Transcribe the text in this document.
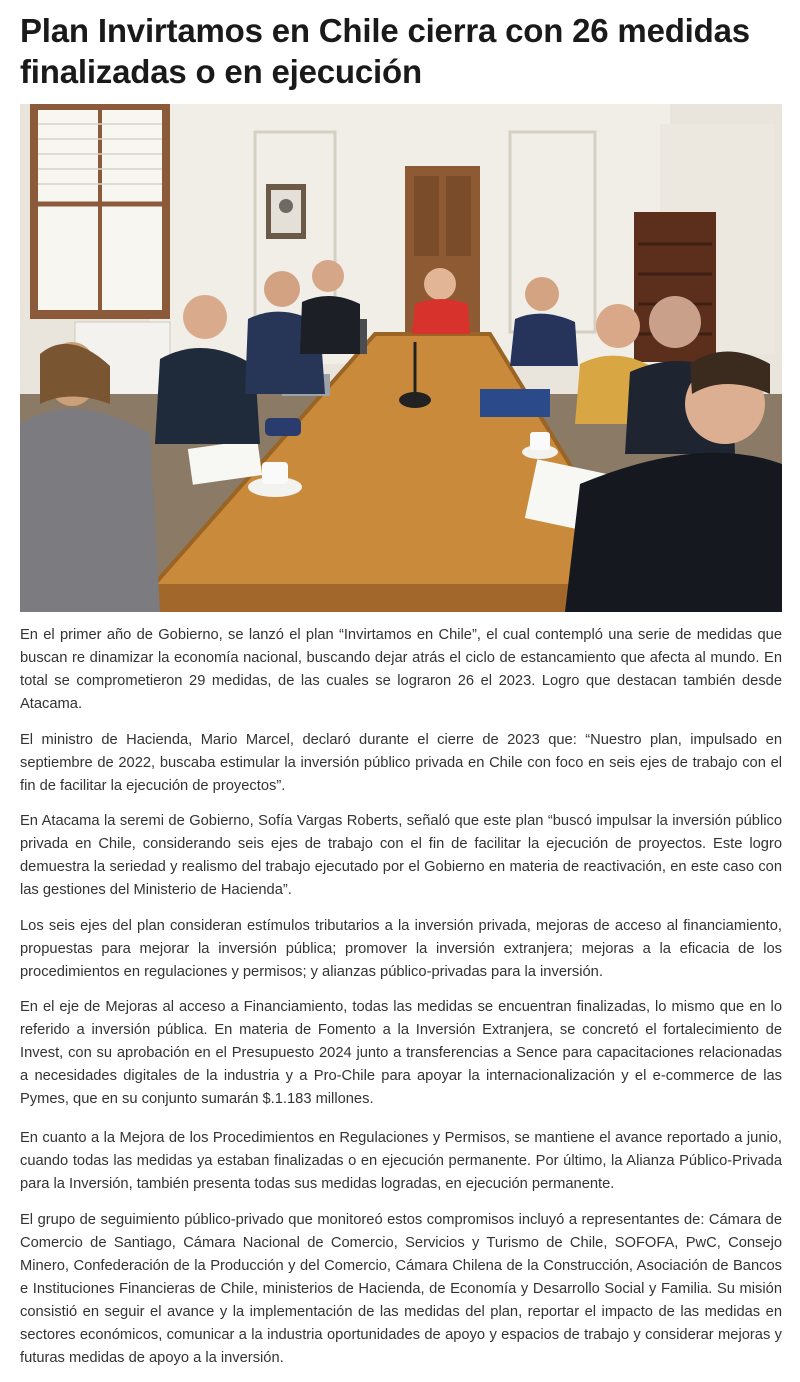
Plan Invirtamos en Chile cierra con 26 medidas finalizadas o en ejecución

En el primer año de Gobierno, se lanzó el plan “Invirtamos en Chile”, el cual contempló una serie de medidas que buscan re dinamizar la economía nacional, buscando dejar atrás el ciclo de estancamiento que afecta al mundo. En total se comprometieron 29 medidas, de las cuales se lograron 26 el 2023. Logro que destacan también desde Atacama.

El ministro de Hacienda, Mario Marcel, declaró durante el cierre de 2023 que: “Nuestro plan, impulsado en septiembre de 2022, buscaba estimular la inversión público privada en Chile con foco en seis ejes de trabajo con el fin de facilitar la ejecución de proyectos”.

En Atacama la seremi de Gobierno, Sofía Vargas Roberts, señaló que este plan “buscó impulsar la inversión público privada en Chile, considerando seis ejes de trabajo con el fin de facilitar la ejecución de proyectos. Este logro demuestra la seriedad y realismo del trabajo ejecutado por el Gobierno en materia de reactivación, en este caso con las gestiones del Ministerio de Hacienda”.

Los seis ejes del plan consideran estímulos tributarios a la inversión privada, mejoras de acceso al financiamiento, propuestas para mejorar la inversión pública; promover la inversión extranjera; mejoras a la eficacia de los procedimientos en regulaciones y permisos; y alianzas público-privadas para la inversión.

En el eje de Mejoras al acceso a Financiamiento, todas las medidas se encuentran finalizadas, lo mismo que en lo referido a inversión pública. En materia de Fomento a la Inversión Extranjera, se concretó el fortalecimiento de Invest, con su aprobación en el Presupuesto 2024 junto a transferencias a Sence para capacitaciones relacionadas a necesidades digitales de la industria y a Pro-Chile para apoyar la internacionalización y el e-commerce de las Pymes, que en su conjunto sumarán $.1.183 millones.

En cuanto a la Mejora de los Procedimientos en Regulaciones y Permisos, se mantiene el avance reportado a junio, cuando todas las medidas ya estaban finalizadas o en ejecución permanente. Por último, la Alianza Público-Privada para la Inversión, también presenta todas sus medidas logradas, en ejecución permanente.

El grupo de seguimiento público-privado que monitoreó estos compromisos incluyó a representantes de: Cámara de Comercio de Santiago, Cámara Nacional de Comercio, Servicios y Turismo de Chile, SOFOFA, PwC, Consejo Minero, Confederación de la Producción y del Comercio, Cámara Chilena de la Construcción, Asociación de Bancos e Instituciones Financieras de Chile, ministerios de Hacienda, de Economía y Desarrollo Social y Familia. Su misión consistió en seguir el avance y la implementación de las medidas del plan, reportar el impacto de las medidas en sectores económicos, comunicar a la industria oportunidades de apoyo y espacios de trabajo y considerar mejoras y futuras medidas de apoyo a la inversión.
